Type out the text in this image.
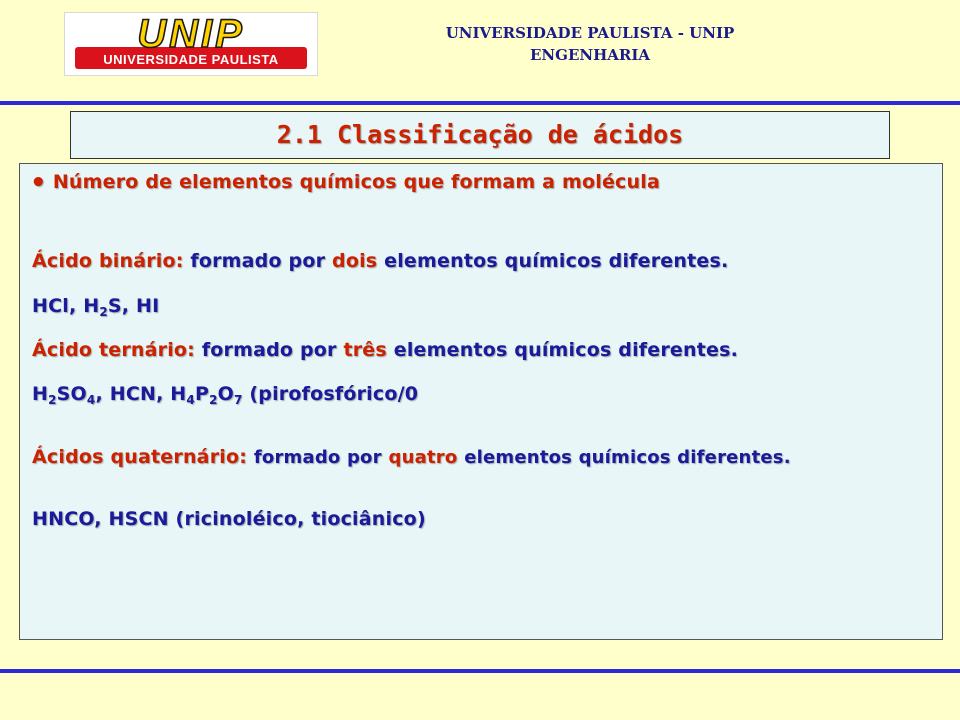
UNIP
UNIVERSIDADE PAULISTA
UNIVERSIDADE PAULISTA - UNIP
ENGENHARIA
2.1 Classificação de ácidos
• Número de elementos químicos que formam a molécula
Ácido binário: formado por dois elementos químicos diferentes.
HCl, $H_2S$, HI
Ácido ternário: formado por três elementos químicos diferentes.
$H_2SO_4$, HCN, $H_4P_2O_7$ (pirofosfórico/0
Ácidos quaternário: formado por quatro elementos químicos diferentes.
HNCO, HSCN (ricinoléico, tiociânico)
